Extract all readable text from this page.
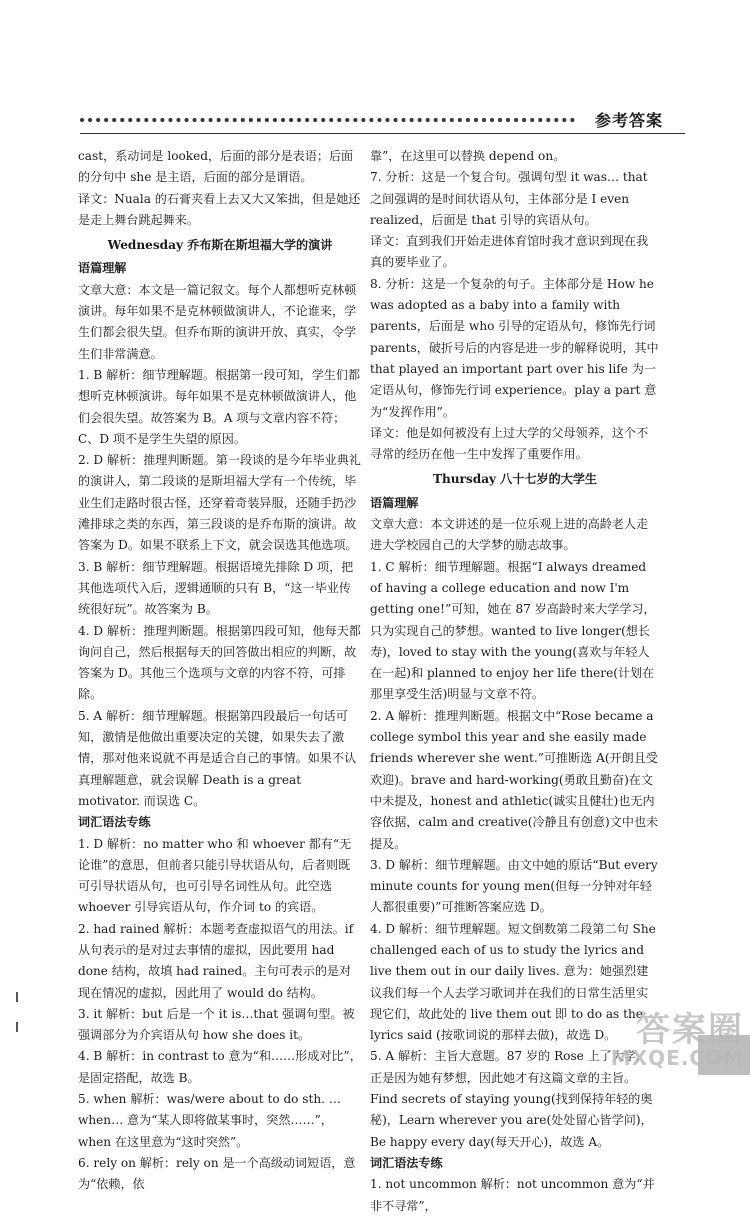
参考答案
cast，系动词是 looked，后面的部分是表语；后面的分句中 she 是主语，后面的部分是谓语。
译文：Nuala 的石膏夹看上去又大又笨拙，但是她还是走上舞台跳起舞来。
Wednesday 乔布斯在斯坦福大学的演讲
语篇理解
文章大意：本文是一篇记叙文。每个人都想听克林顿演讲。每年如果不是克林顿做演讲人，不论谁来，学生们都会很失望。但乔布斯的演讲开放、真实，令学生们非常满意。
1. B 解析：细节理解题。根据第一段可知，学生们都想听克林顿演讲。每年如果不是克林顿做演讲人，他们会很失望。故答案为 B。A 项与文章内容不符；C、D 项不是学生失望的原因。
2. D 解析：推理判断题。第一段谈的是今年毕业典礼的演讲人，第二段谈的是斯坦福大学有一个传统，毕业生们走路时很古怪，还穿着奇装异服，还随手扔沙滩排球之类的东西，第三段谈的是乔布斯的演讲。故答案为 D。如果不联系上下文，就会误选其他选项。
3. B 解析：细节理解题。根据语境先排除 D 项，把其他选项代入后，逻辑通顺的只有 B，“这一毕业传统很好玩”。故答案为 B。
4. D 解析：推理判断题。根据第四段可知，他每天都询问自己，然后根据每天的回答做出相应的判断，故答案为 D。其他三个选项与文章的内容不符，可排除。
5. A 解析：细节理解题。根据第四段最后一句话可知，激情是他做出重要决定的关键，如果失去了激情，那对他来说就不再是适合自己的事情。如果不认真理解题意，就会误解 Death is a great motivator. 而误选 C。
词汇语法专练
1. D 解析：no matter who 和 whoever 都有“无论谁”的意思，但前者只能引导状语从句，后者则既可引导状语从句，也可引导名词性从句。此空选 whoever 引导宾语从句，作介词 to 的宾语。
2. had rained 解析：本题考查虚拟语气的用法。if 从句表示的是对过去事情的虚拟，因此要用 had done 结构，故填 had rained。主句可表示的是对现在情况的虚拟，因此用了 would do 结构。
3. it 解析：but 后是一个 it is…that 强调句型。被强调部分为介宾语从句 how she does it。
4. B 解析：in contrast to 意为“和……形成对比”，是固定搭配，故选 B。
5. when 解析：was/were about to do sth. … when… 意为“某人即将做某事时，突然……”，when 在这里意为“这时突然”。
6. rely on 解析：rely on 是一个高级动词短语，意为“依赖，依
靠”，在这里可以替换 depend on。
7. 分析：这是一个复合句。强调句型 it was… that 之间强调的是时间状语从句，主体部分是 I even realized，后面是 that 引导的宾语从句。
译文：直到我们开始走进体育馆时我才意识到现在我真的要毕业了。
8. 分析：这是一个复杂的句子。主体部分是 How he was adopted as a baby into a family with parents，后面是 who 引导的定语从句，修饰先行词 parents，破折号后的内容是进一步的解释说明，其中 that played an important part over his life 为一定语从句，修饰先行词 experience。play a part 意为“发挥作用”。
译文：他是如何被没有上过大学的父母领养，这个不寻常的经历在他一生中发挥了重要作用。
Thursday 八十七岁的大学生
语篇理解
文章大意：本文讲述的是一位乐观上进的高龄老人走进大学校园自己的大学梦的励志故事。
1. C 解析：细节理解题。根据“I always dreamed of having a college education and now I'm getting one!”可知，她在 87 岁高龄时来大学学习，只为实现自己的梦想。wanted to live longer(想长寿)，loved to stay with the young(喜欢与年轻人在一起)和 planned to enjoy her life there(计划在那里享受生活)明显与文章不符。
2. A 解析：推理判断题。根据文中“Rose became a college symbol this year and she easily made friends wherever she went.”可推断选 A(开朗且受欢迎)。brave and hard-working(勇敢且勤奋)在文中未提及，honest and athletic(诚实且健壮)也无内容依据，calm and creative(冷静且有创意)文中也未提及。
3. D 解析：细节理解题。由文中她的原话“But every minute counts for young men(但每一分钟对年轻人都很重要)”可推断答案应选 D。
4. D 解析：细节理解题。短文倒数第二段第二句 She challenged each of us to study the lyrics and live them out in our daily lives. 意为：她强烈建议我们每一个人去学习歌词并在我们的日常生活里实现它们，故此处的 live them out 即 to do as the lyrics said (按歌词说的那样去做)，故选 D。
5. A 解析：主旨大意题。87 岁的 Rose 上了大学，正是因为她有梦想，因此她才有这篇文章的主旨。Find secrets of staying young(找到保持年轻的奥秘)，Learn wherever you are(处处留心皆学问)，Be happy every day(每天开心)，故选 A。
词汇语法专练
1. not uncommon 解析：not uncommon 意为“并非不寻常”，
答案圈
MXQE.COM
